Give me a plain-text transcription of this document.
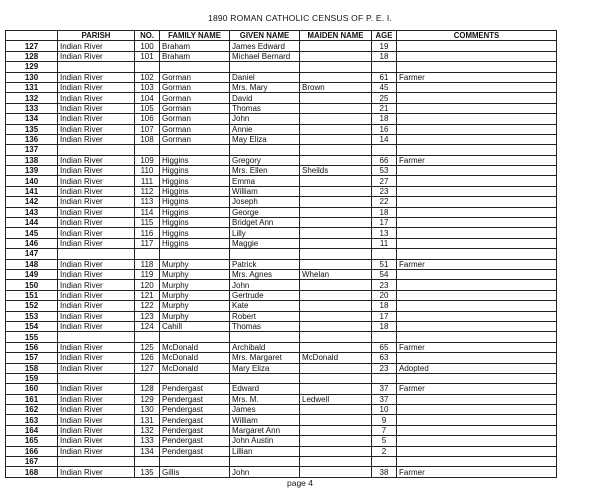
1890 ROMAN CATHOLIC CENSUS OF P. E. I.
	PARISH	NO.	FAMILY NAME	GIVEN NAME	MAIDEN NAME	AGE	COMMENTS
127	Indian River	100	Braham	James Edward		19	
128	Indian River	101	Braham	Michael Bernard		18	
129							
130	Indian River	102	Gorman	Daniel		61	Farmer
131	Indian River	103	Gorman	Mrs. Mary	Brown	45	
132	Indian River	104	Gorman	David		25	
133	Indian River	105	Gorman	Thomas		21	
134	Indian River	106	Gorman	John		18	
135	Indian River	107	Gorman	Annie		16	
136	Indian River	108	Gorman	May Eliza		14	
137							
138	Indian River	109	Higgins	Gregory		66	Farmer
139	Indian River	110	Higgins	Mrs. Ellen	Sheilds	53	
140	Indian River	111	Higgins	Emma		27	
141	Indian River	112	Higgins	William		23	
142	Indian River	113	Higgins	Joseph		22	
143	Indian River	114	Higgins	George		18	
144	Indian River	115	Higgins	Bridget Ann		17	
145	Indian River	116	Higgins	Lilly		13	
146	Indian River	117	Higgins	Maggie		11	
147							
148	Indian River	118	Murphy	Patrick		51	Farmer
149	Indian River	119	Murphy	Mrs. Agnes	Whelan	54	
150	Indian River	120	Murphy	John		23	
151	Indian River	121	Murphy	Gertrude		20	
152	Indian River	122	Murphy	Kate		18	
153	Indian River	123	Murphy	Robert		17	
154	Indian River	124	Cahill	Thomas		18	
155							
156	Indian River	125	McDonald	Archibald		65	Farmer
157	Indian River	126	McDonald	Mrs. Margaret	McDonald	63	
158	Indian River	127	McDonald	Mary Eliza		23	Adopted
159							
160	Indian River	128	Pendergast	Edward		37	Farmer
161	Indian River	129	Pendergast	Mrs. M.	Ledwell	37	
162	Indian River	130	Pendergast	James		10	
163	Indian River	131	Pendergast	William		9	
164	Indian River	132	Pendergast	Margaret Ann		7	
165	Indian River	133	Pendergast	John Austin		5	
166	Indian River	134	Pendergast	Lillian		2	
167							
168	Indian River	135	Gillis	John		38	Farmer
page 4
